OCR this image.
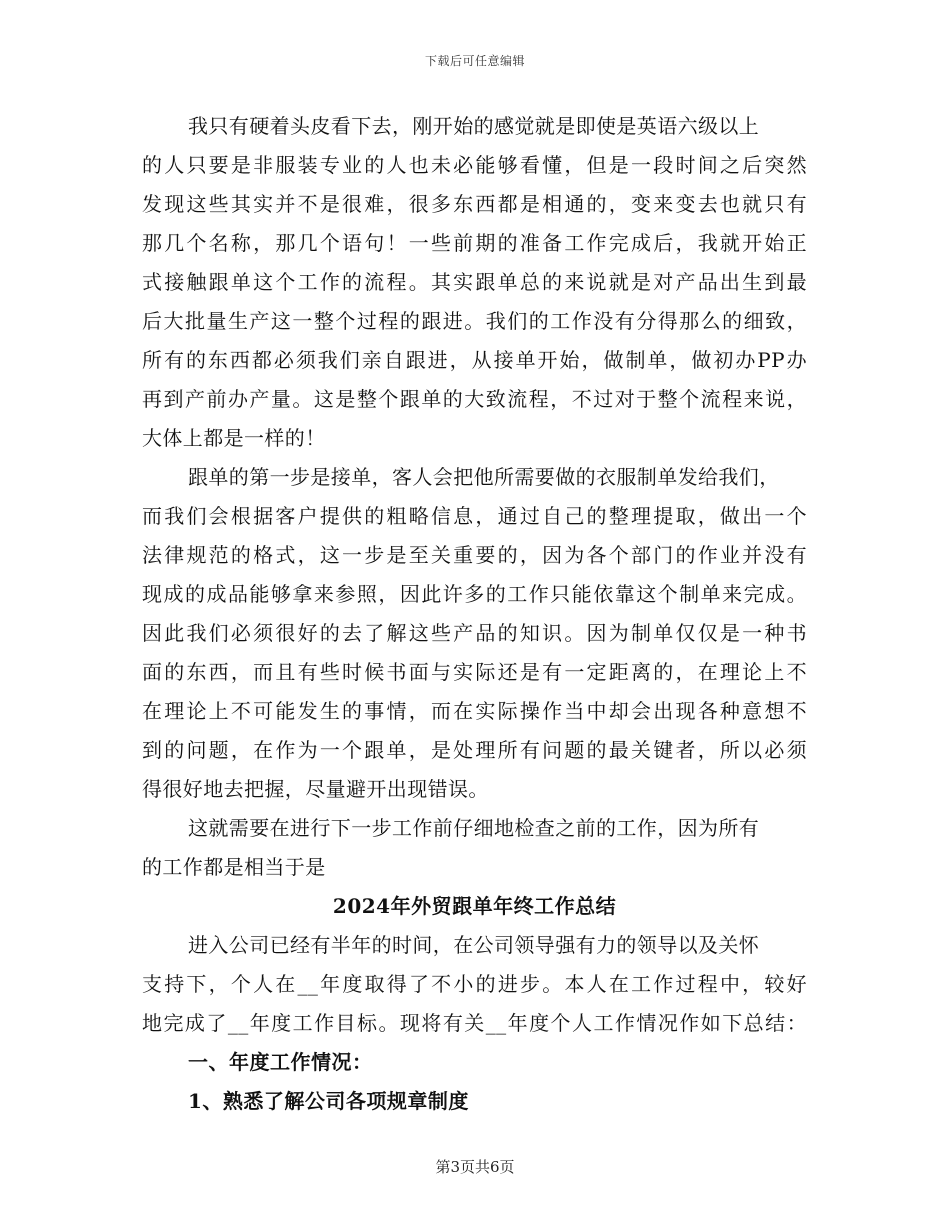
下载后可任意编辑
我只有硬着头皮看下去，刚开始的感觉就是即使是英语六级以上
的人只要是非服装专业的人也未必能够看懂，但是一段时间之后突然
发现这些其实并不是很难，很多东西都是相通的，变来变去也就只有
那几个名称，那几个语句！一些前期的准备工作完成后，我就开始正
式接触跟单这个工作的流程。其实跟单总的来说就是对产品出生到最
后大批量生产这一整个过程的跟进。我们的工作没有分得那么的细致，
所有的东西都必须我们亲自跟进，从接单开始，做制单，做初办PP办
再到产前办产量。这是整个跟单的大致流程，不过对于整个流程来说，
大体上都是一样的！
跟单的第一步是接单，客人会把他所需要做的衣服制单发给我们，
而我们会根据客户提供的粗略信息，通过自己的整理提取，做出一个
法律规范的格式，这一步是至关重要的，因为各个部门的作业并没有
现成的成品能够拿来参照，因此许多的工作只能依靠这个制单来完成。
因此我们必须很好的去了解这些产品的知识。因为制单仅仅是一种书
面的东西，而且有些时候书面与实际还是有一定距离的，在理论上不
在理论上不可能发生的事情，而在实际操作当中却会出现各种意想不
到的问题，在作为一个跟单，是处理所有问题的最关键者，所以必须
得很好地去把握，尽量避开出现错误。
这就需要在进行下一步工作前仔细地检查之前的工作，因为所有
的工作都是相当于是
2024年外贸跟单年终工作总结
进入公司已经有半年的时间，在公司领导强有力的领导以及关怀
支持下，个人在__年度取得了不小的进步。本人在工作过程中，较好
地完成了__年度工作目标。现将有关__年度个人工作情况作如下总结：
一、年度工作情况：
1、熟悉了解公司各项规章制度
第3页共6页
